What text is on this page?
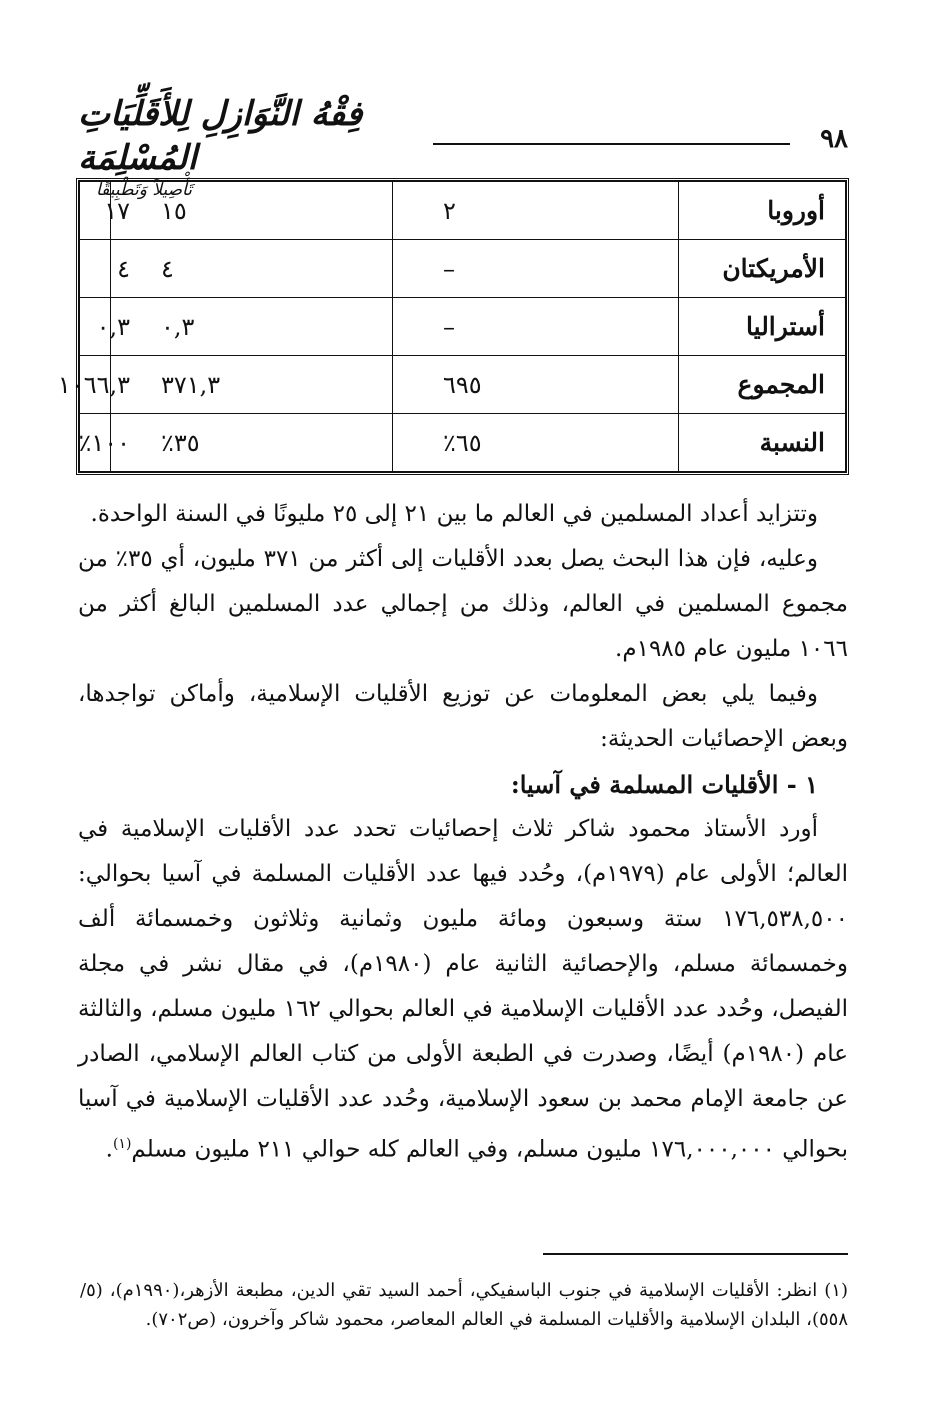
٩٨
فِقْهُ النَّوَازِلِ لِلأَقَلِّيَاتِ المُسْلِمَة
تَأْصِيلاً وَتَطْبِيقًا
أوروبا	٢	١٥	١٧
الأمريكتان	–	٤	٤
أستراليا	–	٠,٣	٠,٣
المجموع	٦٩٥	٣٧١,٣	١٠٦٦,٣
النسبة	٦٥٪	٣٥٪	١٠٠٪

وتتزايد أعداد المسلمين في العالم ما بين ٢١ إلى ٢٥ مليونًا في السنة الواحدة.

وعليه، فإن هذا البحث يصل بعدد الأقليات إلى أكثر من ٣٧١ مليون، أي ٣٥٪ من مجموع المسلمين في العالم، وذلك من إجمالي عدد المسلمين البالغ أكثر من ١٠٦٦ مليون عام ١٩٨٥م.

وفيما يلي بعض المعلومات عن توزيع الأقليات الإسلامية، وأماكن تواجدها، وبعض الإحصائيات الحديثة:

١ - الأقليات المسلمة في آسيا:

أورد الأستاذ محمود شاكر ثلاث إحصائيات تحدد عدد الأقليات الإسلامية في العالم؛ الأولى عام (١٩٧٩م)، وحُدد فيها عدد الأقليات المسلمة في آسيا بحوالي: ١٧٦,٥٣٨,٥٠٠ ستة وسبعون ومائة مليون وثمانية وثلاثون وخمسمائة ألف وخمسمائة مسلم، والإحصائية الثانية عام (١٩٨٠م)، في مقال نشر في مجلة الفيصل، وحُدد عدد الأقليات الإسلامية في العالم بحوالي ١٦٢ مليون مسلم، والثالثة عام (١٩٨٠م) أيضًا، وصدرت في الطبعة الأولى من كتاب العالم الإسلامي، الصادر عن جامعة الإمام محمد بن سعود الإسلامية، وحُدد عدد الأقليات الإسلامية في آسيا بحوالي ١٧٦,٠٠٠,٠٠٠ مليون مسلم، وفي العالم كله حوالي ٢١١ مليون مسلم$^{(١)}$.

(١) انظر: الأقليات الإسلامية في جنوب الباسفيكي، أحمد السيد تقي الدين، مطبعة الأزهر،(١٩٩٠م)، (٥/ ٥٥٨)، البلدان الإسلامية والأقليات المسلمة في العالم المعاصر، محمود شاكر وآخرون، (ص٧٠٢).
